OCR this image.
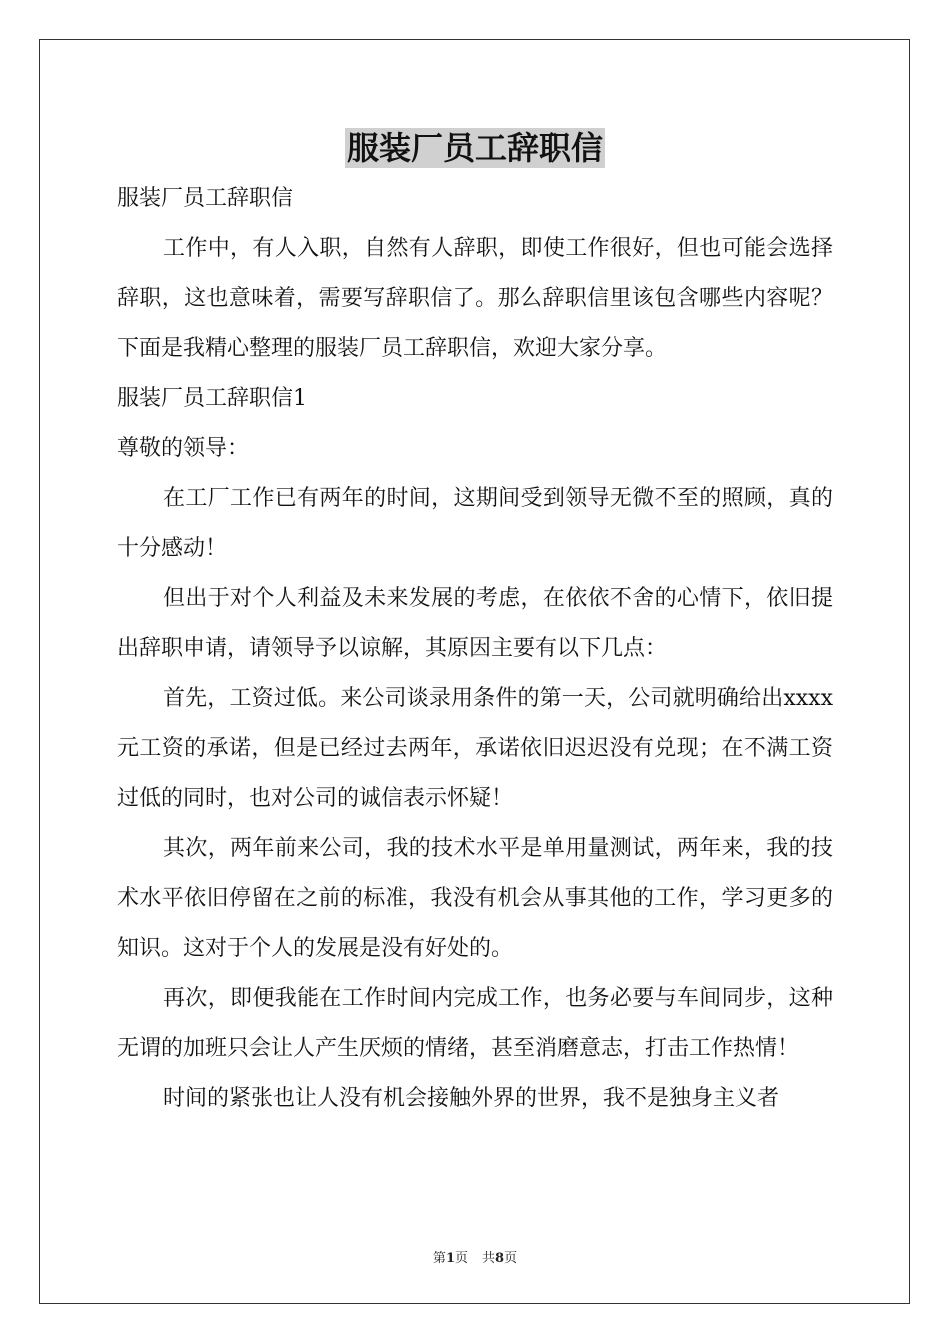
服装厂员工辞职信

服装厂员工辞职信

工作中，有人入职，自然有人辞职，即使工作很好，但也可能会选择辞职，这也意味着，需要写辞职信了。那么辞职信里该包含哪些内容呢？下面是我精心整理的服装厂员工辞职信，欢迎大家分享。

服装厂员工辞职信1

尊敬的领导：

在工厂工作已有两年的时间，这期间受到领导无微不至的照顾，真的十分感动！

但出于对个人利益及未来发展的考虑，在依依不舍的心情下，依旧提出辞职申请，请领导予以谅解，其原因主要有以下几点：

首先，工资过低。来公司谈录用条件的第一天，公司就明确给出xxxx元工资的承诺，但是已经过去两年，承诺依旧迟迟没有兑现；在不满工资过低的同时，也对公司的诚信表示怀疑！

其次，两年前来公司，我的技术水平是单用量测试，两年来，我的技术水平依旧停留在之前的标准，我没有机会从事其他的工作，学习更多的知识。这对于个人的发展是没有好处的。

再次，即便我能在工作时间内完成工作，也务必要与车间同步，这种无谓的加班只会让人产生厌烦的情绪，甚至消磨意志，打击工作热情！

时间的紧张也让人没有机会接触外界的世界，我不是独身主义者

第1页 共8页
